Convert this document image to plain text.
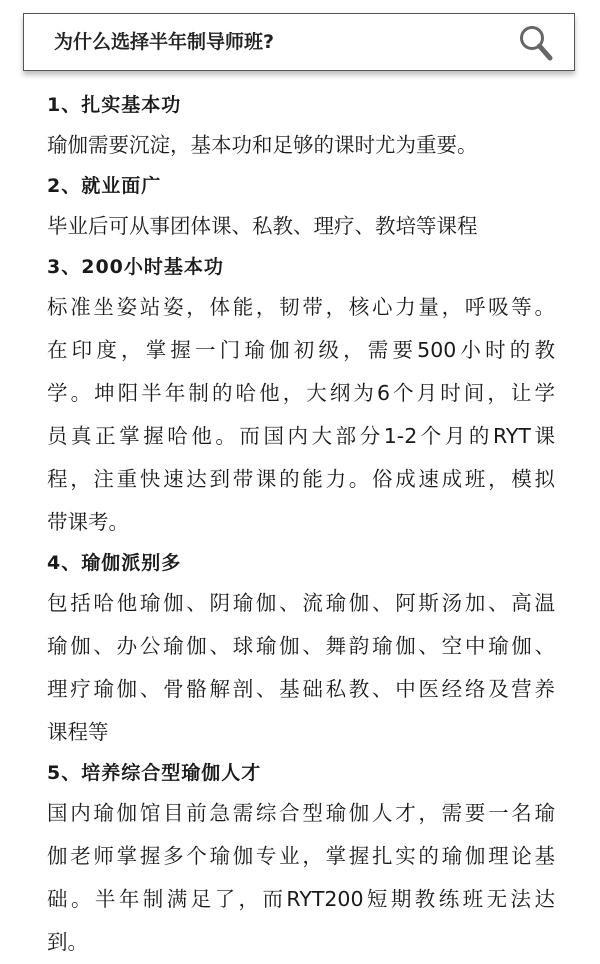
为什么选择半年制导师班?
1、扎实基本功
瑜伽需要沉淀，基本功和足够的课时尤为重要。
2、就业面广
毕业后可从事团体课、私教、理疗、教培等课程
3、200小时基本功
标准坐姿站姿，体能，韧带，核心力量，呼吸等。
在印度，掌握一门瑜伽初级，需要500小时的教
学。坤阳半年制的哈他，大纲为6个月时间，让学
员真正掌握哈他。而国内大部分1-2个月的RYT课
程，注重快速达到带课的能力。俗成速成班，模拟
带课考。
4、瑜伽派别多
包括哈他瑜伽、阴瑜伽、流瑜伽、阿斯汤加、高温
瑜伽、办公瑜伽、球瑜伽、舞韵瑜伽、空中瑜伽、
理疗瑜伽、骨骼解剖、基础私教、中医经络及营养
课程等
5、培养综合型瑜伽人才
国内瑜伽馆目前急需综合型瑜伽人才，需要一名瑜
伽老师掌握多个瑜伽专业，掌握扎实的瑜伽理论基
础。半年制满足了，而RYT200短期教练班无法达
到。
